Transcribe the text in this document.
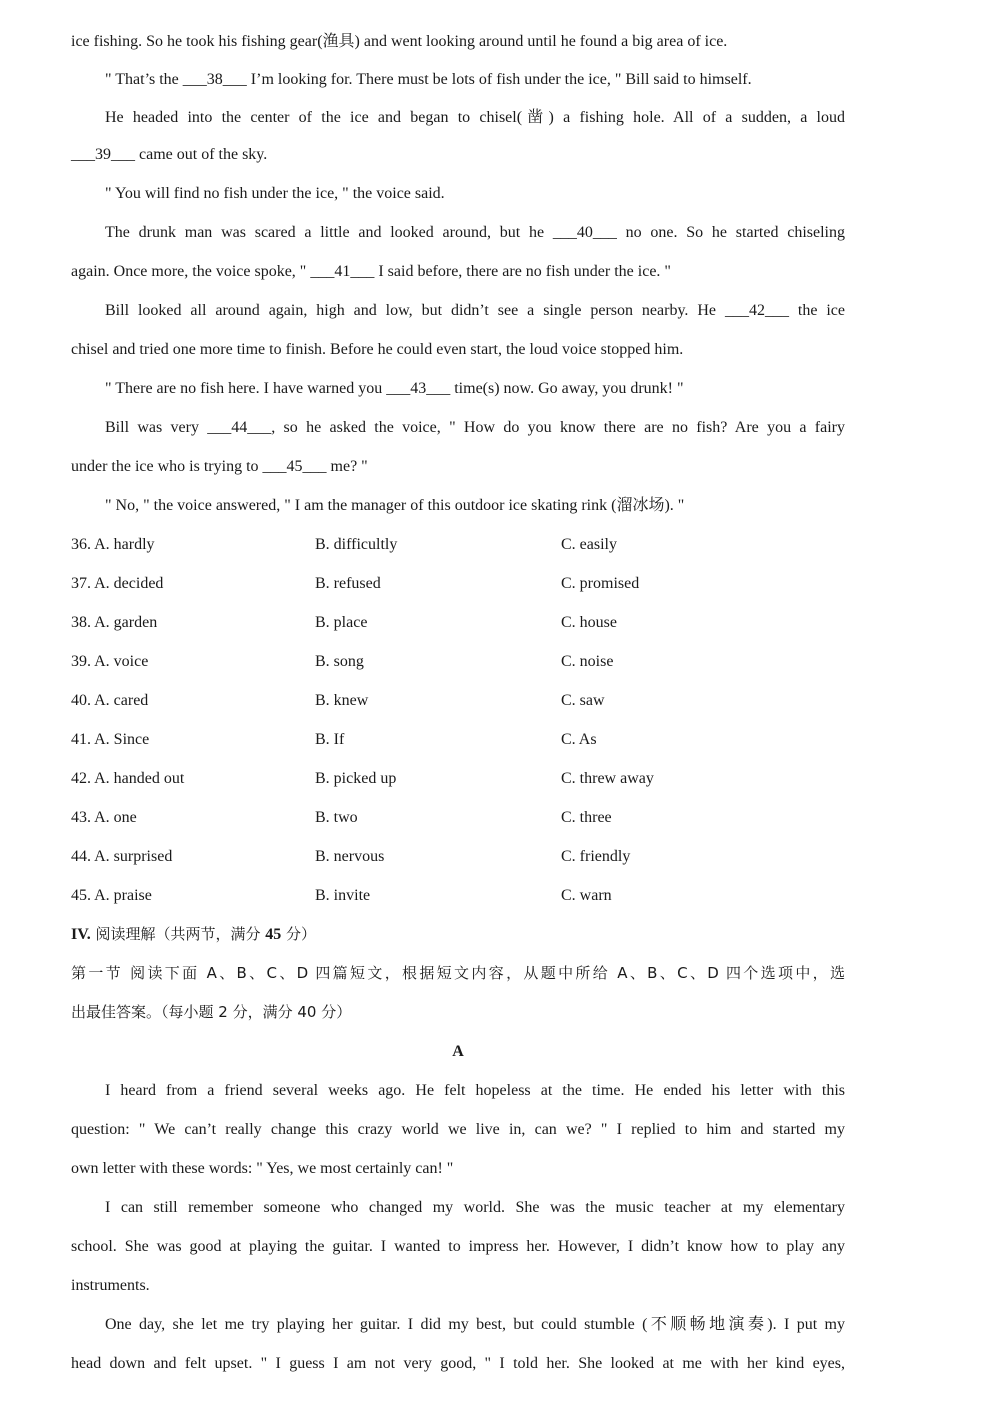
ice fishing. So he took his fishing gear(渔具) and went looking around until he found a big area of ice.
" That’s the ___38___ I’m looking for. There must be lots of fish under the ice, " Bill said to himself.
He headed into the center of the ice and began to chisel(凿) a fishing hole. All of a sudden, a loud
___39___ came out of the sky.
" You will find no fish under the ice, " the voice said.
The drunk man was scared a little and looked around, but he ___40___ no one. So he started chiseling
again. Once more, the voice spoke, " ___41___ I said before, there are no fish under the ice. "
Bill looked all around again, high and low, but didn’t see a single person nearby. He ___42___ the ice
chisel and tried one more time to finish. Before he could even start, the loud voice stopped him.
" There are no fish here. I have warned you ___43___ time(s) now. Go away, you drunk! "
Bill was very ___44___, so he asked the voice, " How do you know there are no fish? Are you a fairy
under the ice who is trying to ___45___ me? "
" No, " the voice answered, " I am the manager of this outdoor ice skating rink (溜冰场). "
36. A. hardly	B. difficultly	C. easily
37. A. decided	B. refused	C. promised
38. A. garden	B. place	C. house
39. A. voice	B. song	C. noise
40. A. cared	B. knew	C. saw
41. A. Since	B. If	C. As
42. A. handed out	B. picked up	C. threw away
43. A. one	B. two	C. three
44. A. surprised	B. nervous	C. friendly
45. A. praise	B. invite	C. warn
IV. 阅读理解（共两节，满分 45 分）
第一节 阅读下面 A、B、C、D 四篇短文，根据短文内容，从题中所给 A、B、C、D 四个选项中，选
出最佳答案。（每小题 2 分，满分 40 分）
A
I heard from a friend several weeks ago. He felt hopeless at the time. He ended his letter with this
question: " We can’t really change this crazy world we live in, can we? " I replied to him and started my
own letter with these words: " Yes, we most certainly can! "
I can still remember someone who changed my world. She was the music teacher at my elementary
school. She was good at playing the guitar. I wanted to impress her. However, I didn’t know how to play any
instruments.
One day, she let me try playing her guitar. I did my best, but could stumble (不顺畅地演奏). I put my
head down and felt upset. " I guess I am not very good, " I told her. She looked at me with her kind eyes,
